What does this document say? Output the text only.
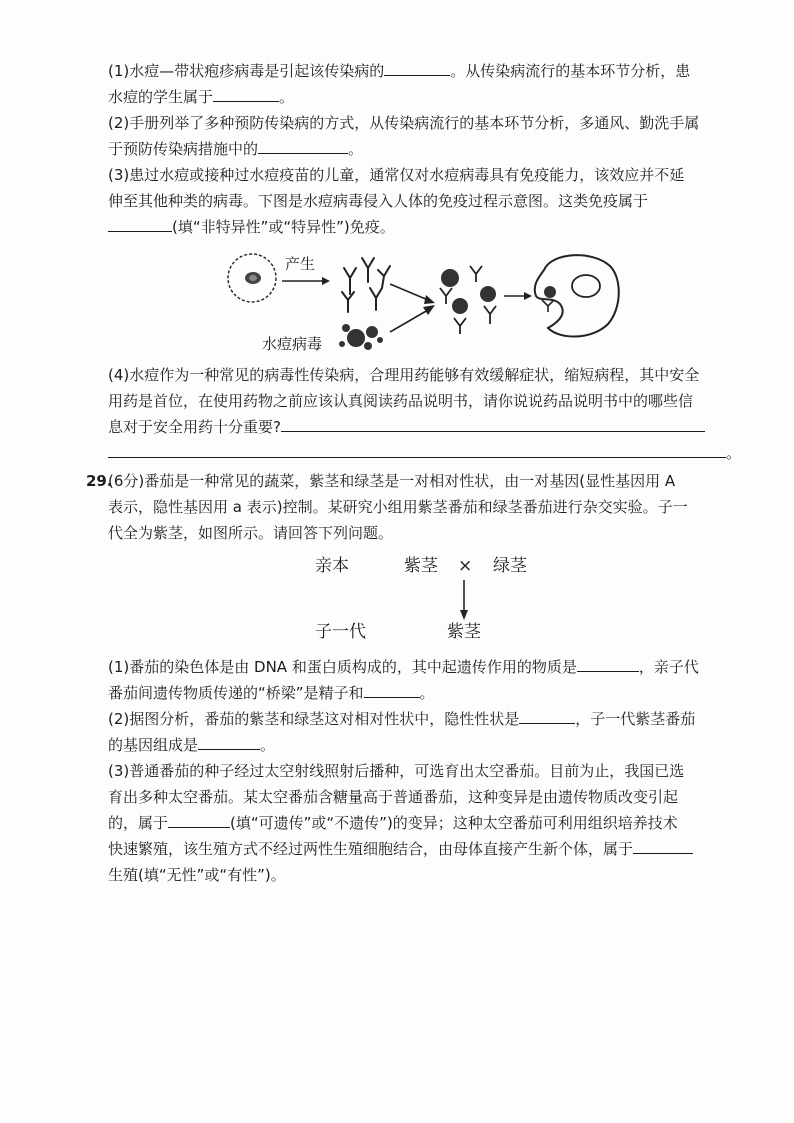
(1)水痘—带状疱疹病毒是引起该传染病的	。从传染病流行的基本环节分析，患
水痘的学生属于	。
(2)手册列举了多种预防传染病的方式，从传染病流行的基本环节分析，多通风、勤洗手属
于预防传染病措施中的	。
(3)患过水痘或接种过水痘疫苗的儿童，通常仅对水痘病毒具有免疫能力，该效应并不延
伸至其他种类的病毒。下图是水痘病毒侵入人体的免疫过程示意图。这类免疫属于
(填“非特异性”或“特异性”)免疫。
产生
水痘病毒
(4)水痘作为一种常见的病毒性传染病，合理用药能够有效缓解症状，缩短病程，其中安全
用药是首位，在使用药物之前应该认真阅读药品说明书，请你说说药品说明书中的哪些信
息对于安全用药十分重要?
。
29.
(6分)番茄是一种常见的蔬菜，紫茎和绿茎是一对相对性状，由一对基因(显性基因用 A
表示，隐性基因用 a 表示)控制。某研究小组用紫茎番茄和绿茎番茄进行杂交实验。子一
代全为紫茎，如图所示。请回答下列问题。
亲本	紫茎 × 绿茎
子一代	紫茎
(1)番茄的染色体是由 DNA 和蛋白质构成的，其中起遗传作用的物质是	，亲子代
番茄间遗传物质传递的“桥梁”是精子和	。
(2)据图分析，番茄的紫茎和绿茎这对相对性状中，隐性性状是	，子一代紫茎番茄
的基因组成是	。
(3)普通番茄的种子经过太空射线照射后播种，可选育出太空番茄。目前为止，我国已选
育出多种太空番茄。某太空番茄含糖量高于普通番茄，这种变异是由遗传物质改变引起
的，属于	(填“可遗传”或“不遗传”)的变异；这种太空番茄可利用组织培养技术
快速繁殖，该生殖方式不经过两性生殖细胞结合，由母体直接产生新个体，属于
生殖(填“无性”或“有性”)。
